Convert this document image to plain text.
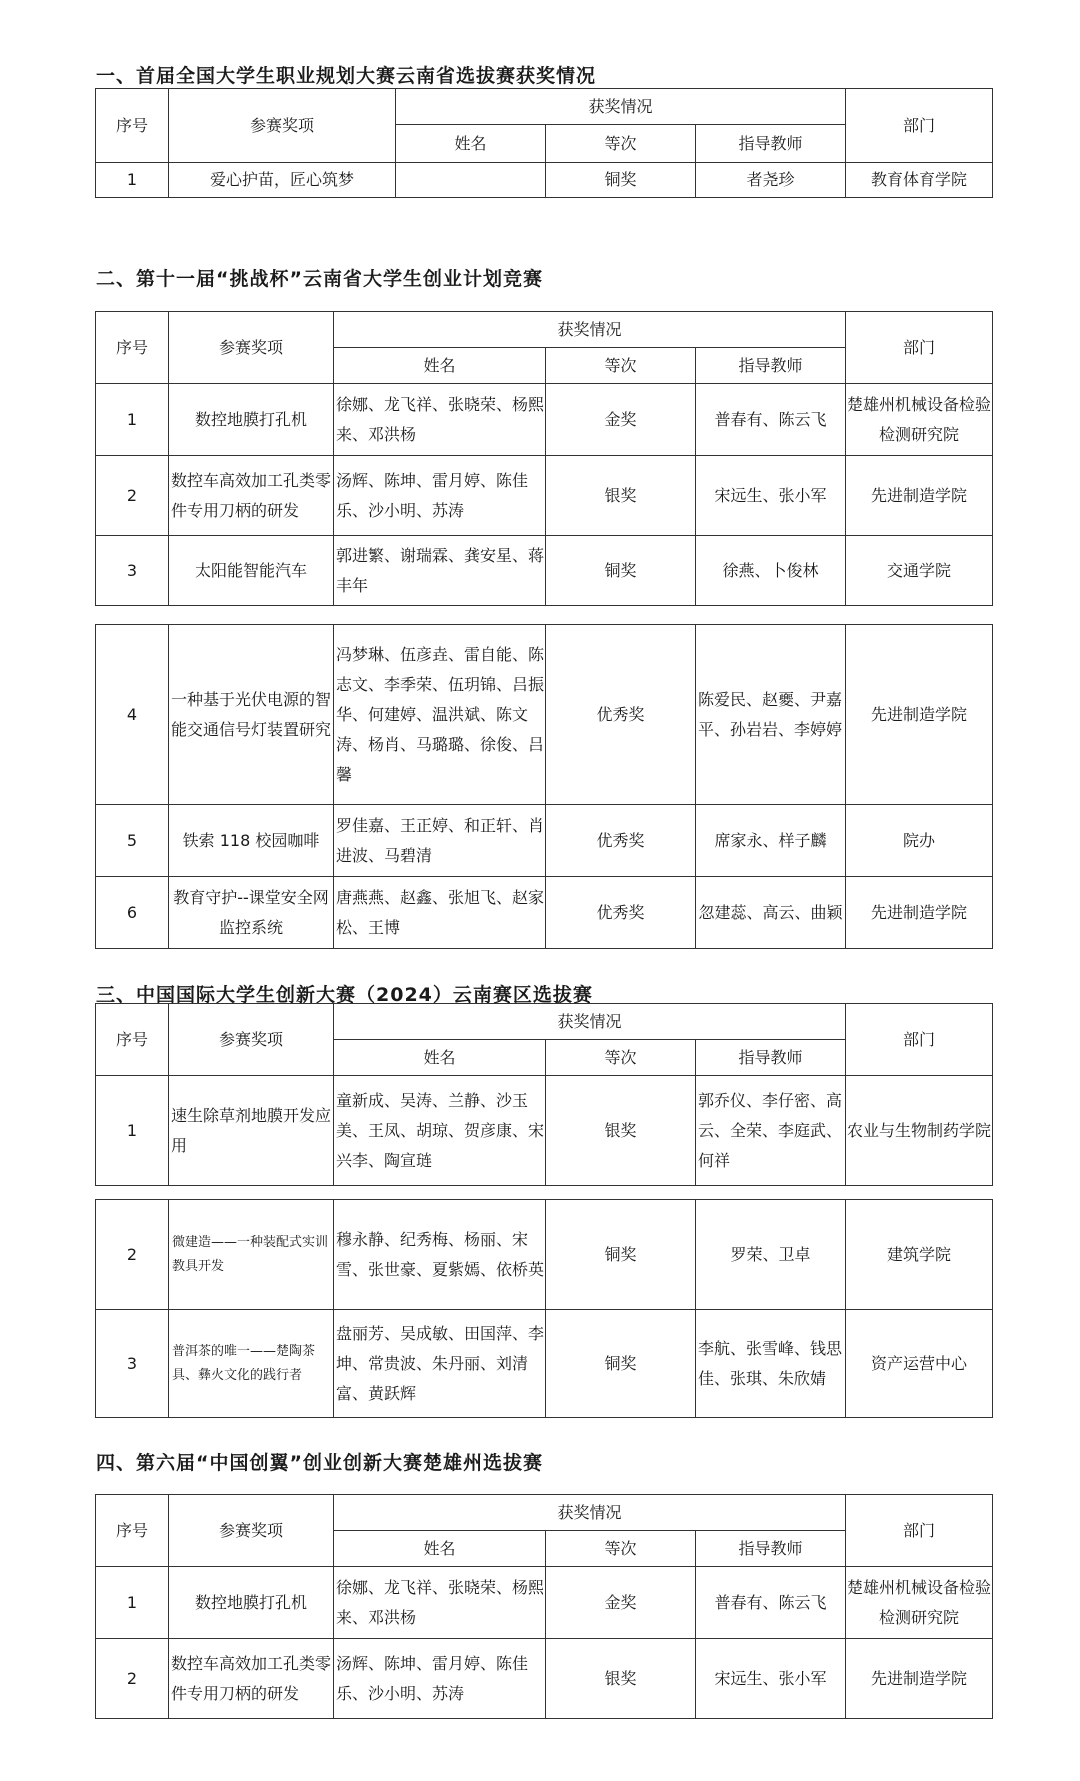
一、首届全国大学生职业规划大赛云南省选拔赛获奖情况
序号	参赛奖项	获奖情况			部门
		姓名	等次	指导教师	
1	爱心护苗，匠心筑梦		铜奖	者尧珍	教育体育学院
二、第十一届“挑战杯”云南省大学生创业计划竞赛
序号	参赛奖项	获奖情况			部门
		姓名	等次	指导教师	
1	数控地膜打孔机	徐娜、龙飞祥、张晓荣、杨熙来、邓洪杨	金奖	普春有、陈云飞	楚雄州机械设备检验检测研究院
2	数控车高效加工孔类零件专用刀柄的研发	汤辉、陈坤、雷月婷、陈佳乐、沙小明、苏涛	银奖	宋远生、张小军	先进制造学院
3	太阳能智能汽车	郭进繁、谢瑞霖、龚安星、蒋丰年	铜奖	徐燕、卜俊林	交通学院
4	一种基于光伏电源的智能交通信号灯装置研究	冯梦琳、伍彦垚、雷自能、陈志文、李季荣、伍玥锦、吕振华、何建婷、温洪斌、陈文涛、杨肖、马璐璐、徐俊、吕馨	优秀奖	陈爱民、赵夒、尹嘉平、孙岩岩、李婷婷	先进制造学院
5	铁索 118 校园咖啡	罗佳嘉、王正婷、和正轩、肖进波、马碧清	优秀奖	席家永、样子麟	院办
6	教育守护--课堂安全网监控系统	唐燕燕、赵鑫、张旭飞、赵家松、王博	优秀奖	忽建蕊、高云、曲颖	先进制造学院
三、中国国际大学生创新大赛（2024）云南赛区选拔赛
序号	参赛奖项	获奖情况			部门
		姓名	等次	指导教师	
1	速生除草剂地膜开发应用	童新成、吴涛、兰静、沙玉美、王凤、胡琼、贺彦康、宋兴李、陶宣琏	银奖	郭乔仪、李仔密、高云、全荣、李庭武、何祥	农业与生物制药学院
2	微建造——一种装配式实训教具开发	穆永静、纪秀梅、杨丽、宋雪、张世豪、夏紫嫣、依桥英	铜奖	罗荣、卫卓	建筑学院
3	普洱茶的唯一——楚陶茶具、彝火文化的践行者	盘丽芳、吴成敏、田国萍、李坤、常贵波、朱丹丽、刘清富、黄跃辉	铜奖	李航、张雪峰、钱思佳、张琪、朱欣婧	资产运营中心
四、第六届“中国创翼”创业创新大赛楚雄州选拔赛
序号	参赛奖项	获奖情况			部门
		姓名	等次	指导教师	
1	数控地膜打孔机	徐娜、龙飞祥、张晓荣、杨熙来、邓洪杨	金奖	普春有、陈云飞	楚雄州机械设备检验检测研究院
2	数控车高效加工孔类零件专用刀柄的研发	汤辉、陈坤、雷月婷、陈佳乐、沙小明、苏涛	银奖	宋远生、张小军	先进制造学院
